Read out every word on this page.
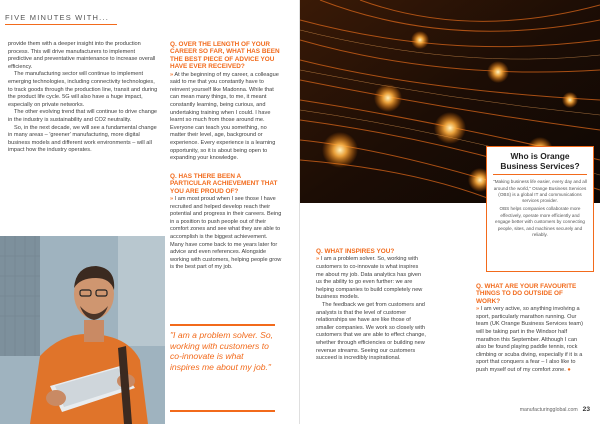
FIVE MINUTES WITH...

provide them with a deeper insight into the production process. This will drive manufacturers to implement predictive and preventative maintenance to increase overall efficiency.

The manufacturing sector will continue to implement emerging technologies, including connectivity technologies, to track goods through the production line, transit and during the product life cycle. 5G will also have a huge impact, especially on private networks.

The other evolving trend that will continue to drive change in the industry is sustainability and CO2 neutrality.

So, in the next decade, we will see a fundamental change in many areas – 'greener' manufacturing, more digital business models and different work environments – will all impact how the industry operates.

Q. OVER THE LENGTH OF YOUR CAREER SO FAR, WHAT HAS BEEN THE BEST PIECE OF ADVICE YOU HAVE EVER RECEIVED?

» At the beginning of my career, a colleague said to me that you constantly have to reinvent yourself like Madonna. While that can mean many things, to me, it meant constantly learning, being curious, and undertaking training when I could. I have learnt so much from those around me. Everyone can teach you something, no matter their level, age, background or experience. Every experience is a learning opportunity, so it is about being open to expanding your knowledge.

Q. HAS THERE BEEN A PARTICULAR ACHIEVEMENT THAT YOU ARE PROUD OF?

» I am most proud when I see those I have recruited and helped develop reach their potential and progress in their careers. Being in a position to push people out of their comfort zones and see what they are able to accomplish is the biggest achievement. Many have come back to me years later for advice and even references. Alongside working with customers, helping people grow is the best part of my job.

"I am a problem solver. So, working with customers to co-innovate is what inspires me about my job."

Who is Orange Business Services?

"Making business life easier, every day and all around the world," Orange Business Services (OBS) is a global IT and communications services provider.

OBS helps companies collaborate more effectively, operate more efficiently and engage better with customers by connecting people, sites, and machines securely and reliably.

Q. WHAT INSPIRES YOU?

» I am a problem solver. So, working with customers to co-innovate is what inspires me about my job. Data analytics has given us the ability to go even further: we are helping companies to build completely new business models.

The feedback we get from customers and analysts is that the level of customer relationships we have are like those of smaller companies. We work so closely with customers that we are able to effect change, whether through efficiencies or building new revenue streams. Seeing our customers succeed is incredibly inspirational.

Q. WHAT ARE YOUR FAVOURITE THINGS TO DO OUTSIDE OF WORK?

» I am very active, so anything involving a sport, particularly marathon running. Our team (UK Orange Business Services team) will be taking part in the Windsor half marathon this September. Although I can also be found playing paddle tennis, rock climbing or scuba diving, especially if it is a sport that conquers a fear – I also like to push myself out of my comfort zone. ●

manufacturingglobal.com 23
